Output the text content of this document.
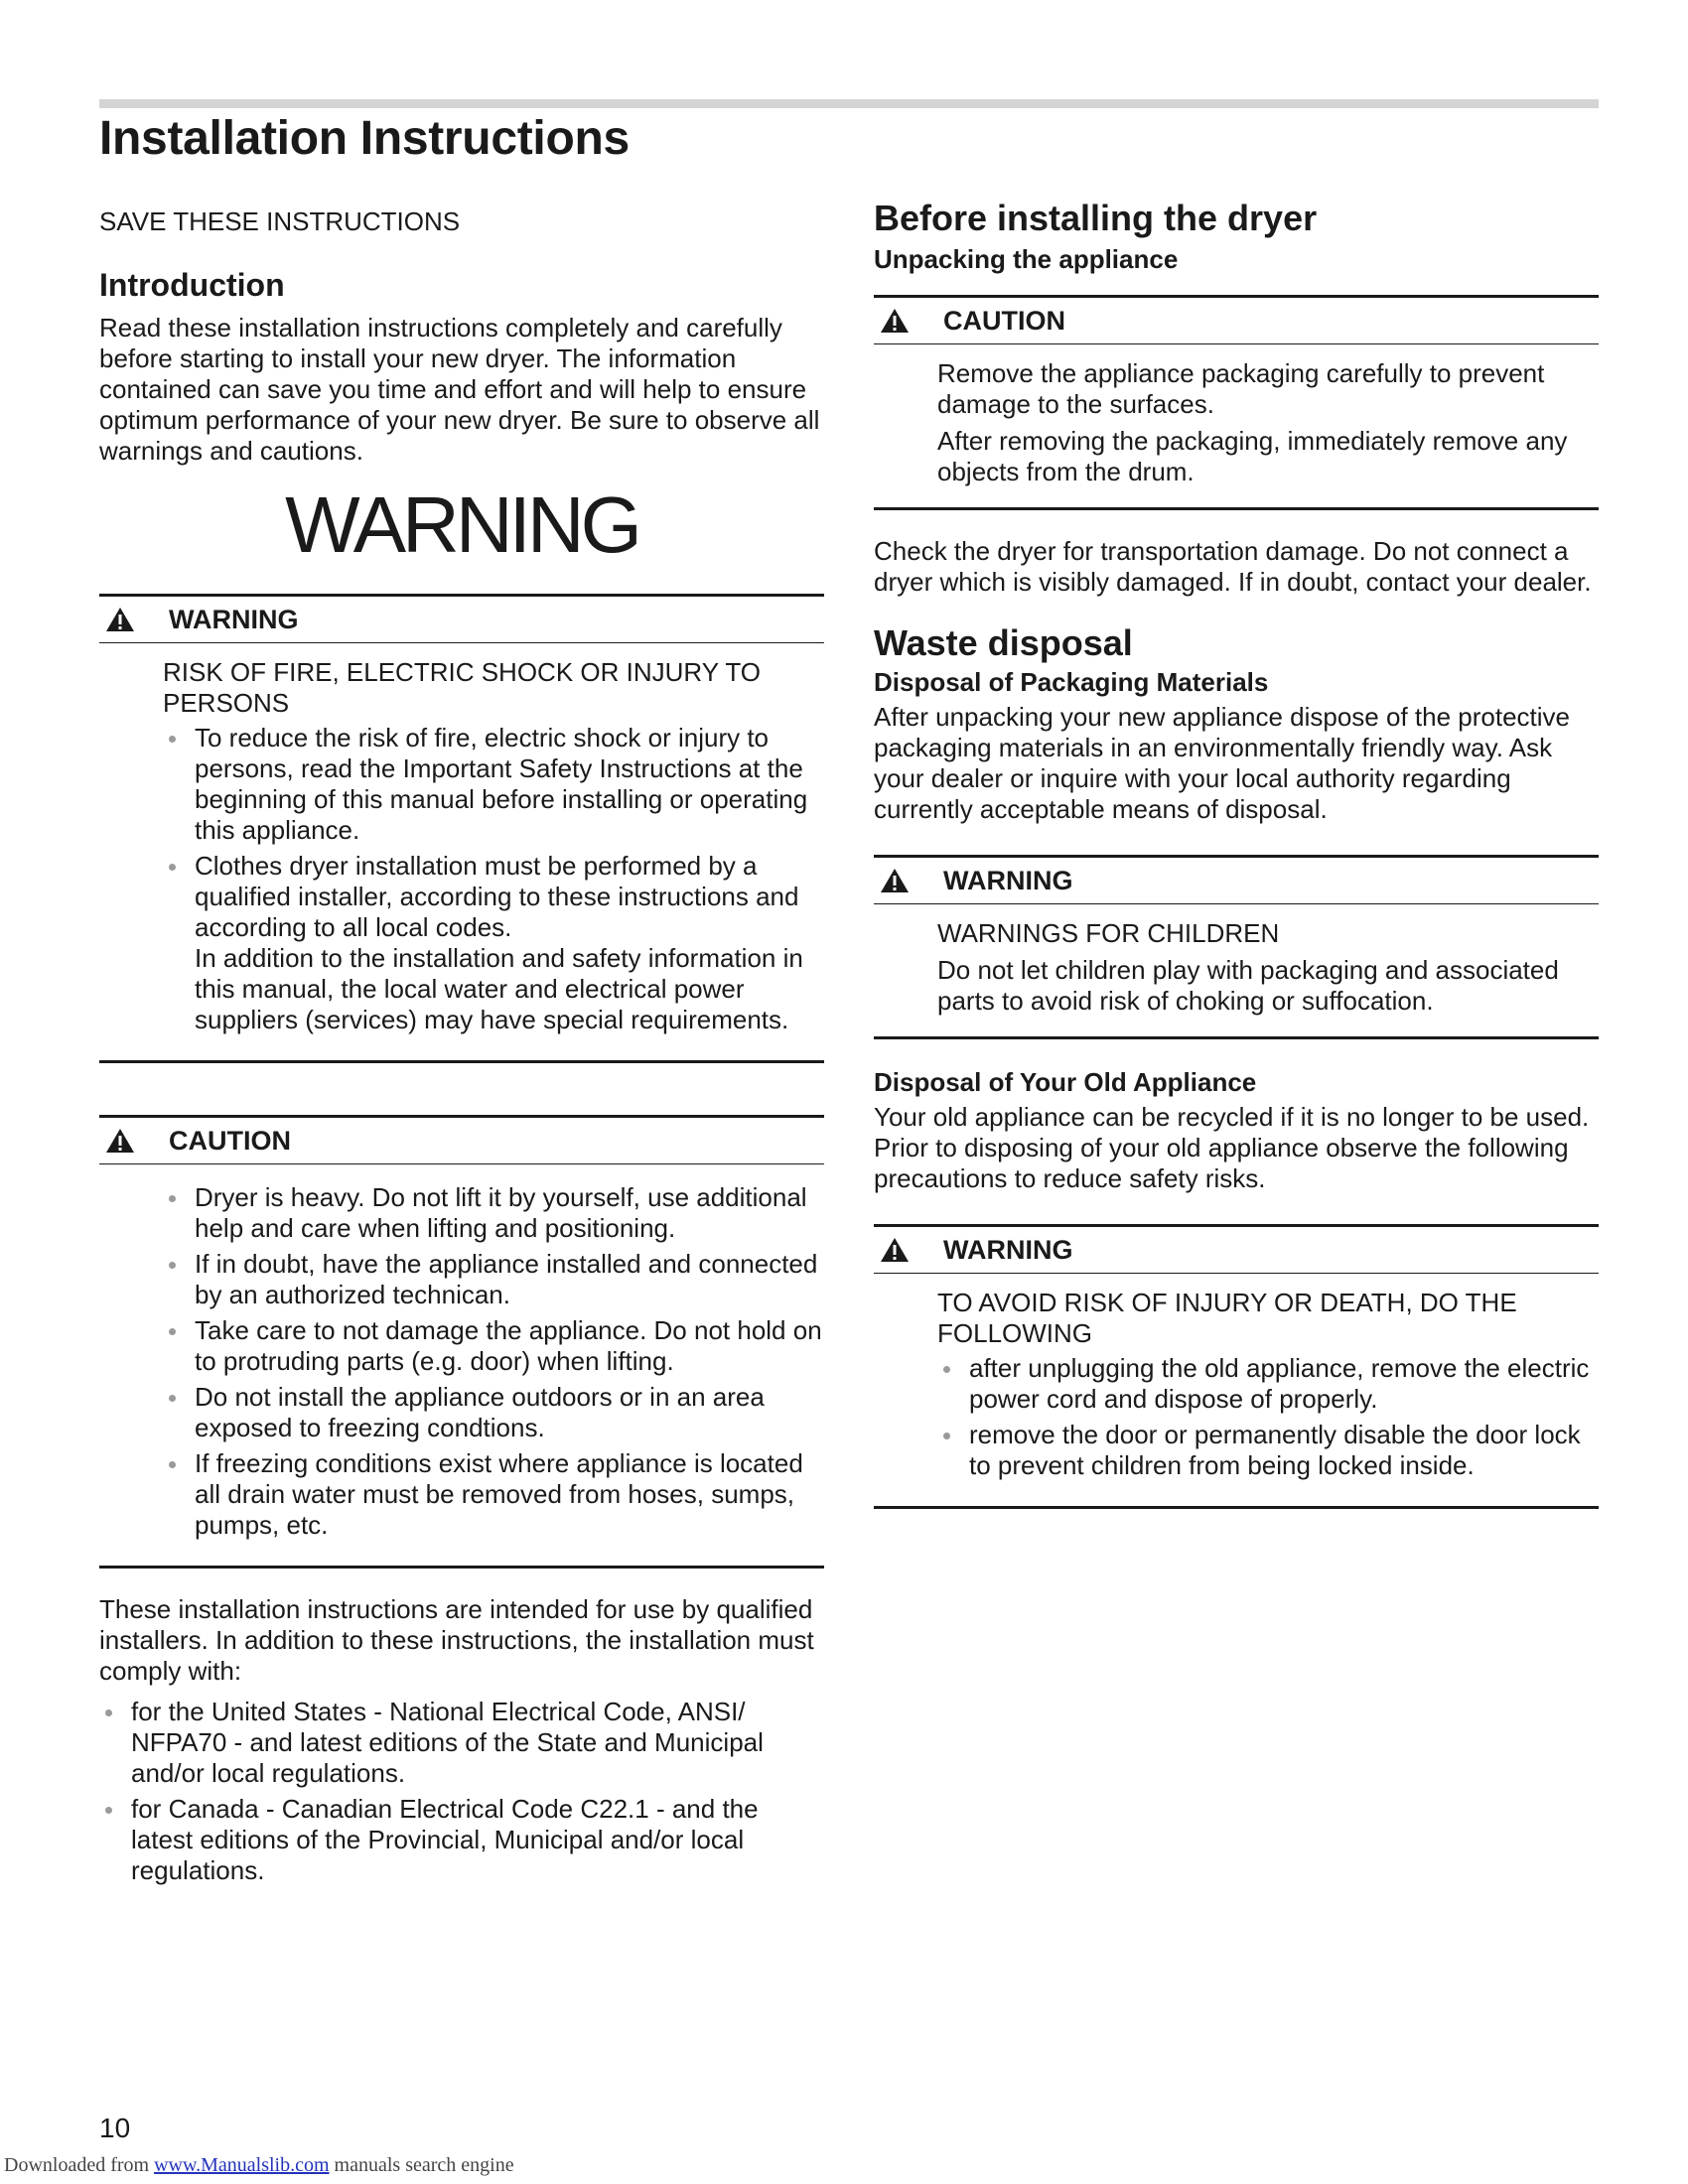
Installation Instructions

SAVE THESE INSTRUCTIONS

Introduction

Read these installation instructions completely and carefully before starting to install your new dryer. The information contained can save you time and effort and will help to ensure optimum performance of your new dryer. Be sure to observe all warnings and cautions.

WARNING

WARNING

RISK OF FIRE, ELECTRIC SHOCK OR INJURY TO PERSONS

To reduce the risk of fire, electric shock or injury to persons, read the Important Safety Instructions at the beginning of this manual before installing or operating this appliance.
Clothes dryer installation must be performed by a qualified installer, according to these instructions and according to all local codes.
In addition to the installation and safety information in this manual, the local water and electrical power suppliers (services) may have special requirements.
CAUTION
Dryer is heavy. Do not lift it by yourself, use additional help and care when lifting and positioning.
If in doubt, have the appliance installed and connected by an authorized technican.
Take care to not damage the appliance. Do not hold on to protruding parts (e.g. door) when lifting.
Do not install the appliance outdoors or in an area exposed to freezing condtions.
If freezing conditions exist where appliance is located all drain water must be removed from hoses, sumps, pumps, etc.

These installation instructions are intended for use by qualified installers. In addition to these instructions, the installation must comply with:

for the United States - National Electrical Code, ANSI/ NFPA70 - and latest editions of the State and Municipal and/or local regulations.
for Canada - Canadian Electrical Code C22.1 - and the latest editions of the Provincial, Municipal and/or local regulations.
Before installing the dryer
Unpacking the appliance
CAUTION

Remove the appliance packaging carefully to prevent damage to the surfaces.

After removing the packaging, immediately remove any objects from the drum.

Check the dryer for transportation damage. Do not connect a dryer which is visibly damaged. If in doubt, contact your dealer.

Waste disposal
Disposal of Packaging Materials

After unpacking your new appliance dispose of the protective packaging materials in an environmentally friendly way. Ask your dealer or inquire with your local authority regarding currently acceptable means of disposal.

WARNING

WARNINGS FOR CHILDREN

Do not let children play with packaging and associated parts to avoid risk of choking or suffocation.

Disposal of Your Old Appliance

Your old appliance can be recycled if it is no longer to be used. Prior to disposing of your old appliance observe the following precautions to reduce safety risks.

WARNING

TO AVOID RISK OF INJURY OR DEATH, DO THE FOLLOWING

after unplugging the old appliance, remove the electric power cord and dispose of properly.
remove the door or permanently disable the door lock to prevent children from being locked inside.
10
Downloaded from www.Manualslib.com manuals search engine
